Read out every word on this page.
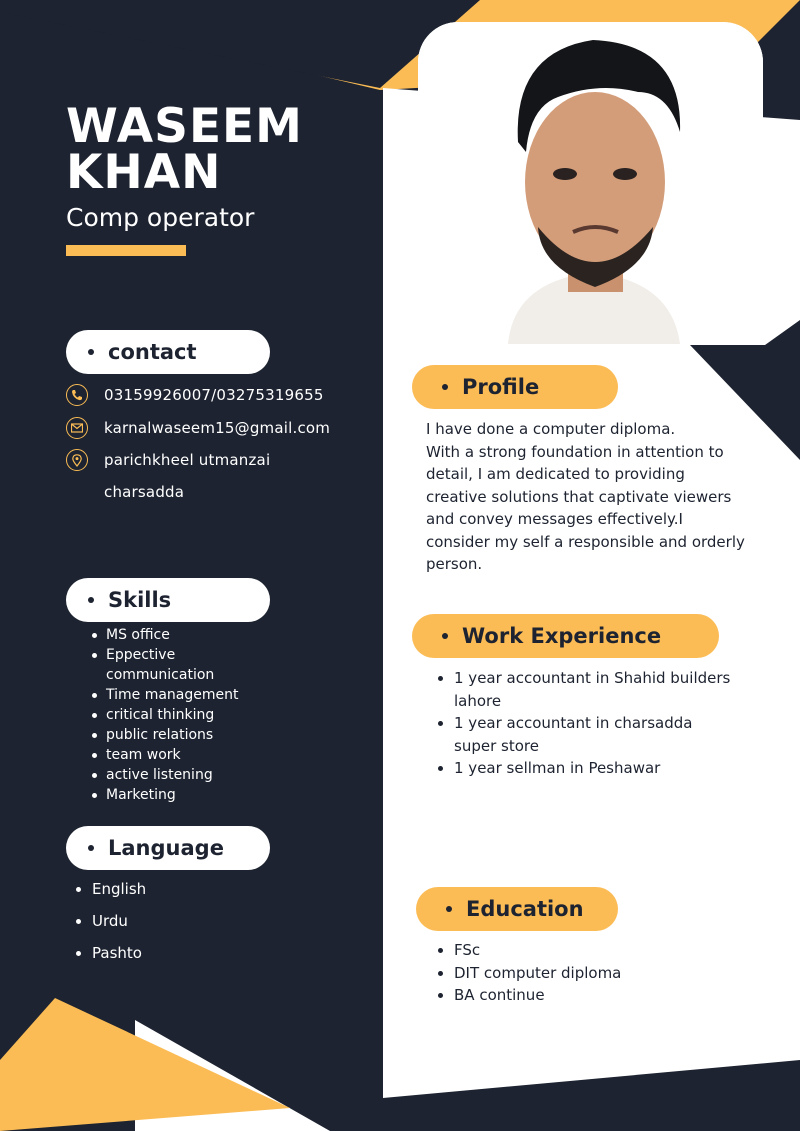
WASEEM
KHAN
Comp operator
contact
03159926007/03275319655
karnalwaseem15@gmail.com
parichkheel utmanzai
charsadda
Skills
MS office
Eppective communication
Time management
critical thinking
public relations
team work
active listening
Marketing
Language
English
Urdu
Pashto
Profile

I have done a computer diploma.

With a strong foundation in attention to detail, I am dedicated to providing creative solutions that captivate viewers and convey messages effectively.I consider my self a responsible and orderly person.

Work Experience
1 year accountant in Shahid builders lahore
1 year accountant in charsadda super store
1 year sellman in Peshawar
Education
FSc
DIT computer diploma
BA continue
